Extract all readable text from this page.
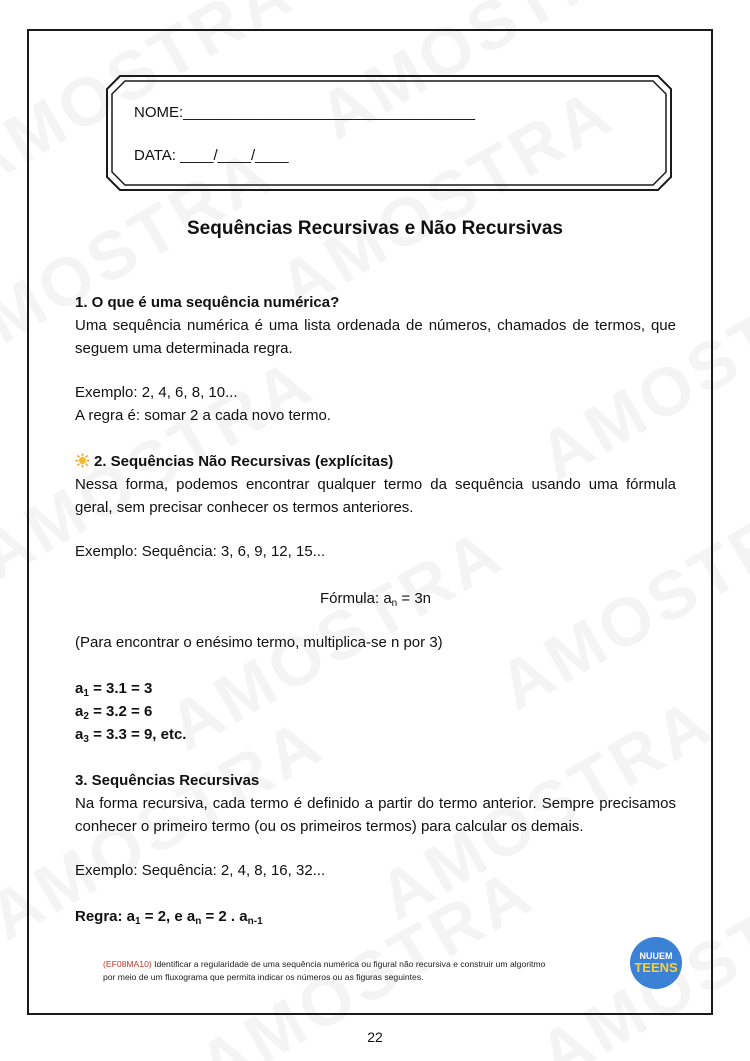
NOME:___________________________________
DATA: ____/____/____
Sequências Recursivas e Não Recursivas
1. O que é uma sequência numérica?
Uma sequência numérica é uma lista ordenada de números, chamados de termos, que
seguem uma determinada regra.
Exemplo: 2, 4, 6, 8, 10...
A regra é: somar 2 a cada novo termo.
2. Sequências Não Recursivas (explícitas)
Nessa forma, podemos encontrar qualquer termo da sequência usando uma fórmula
geral, sem precisar conhecer os termos anteriores.
Exemplo: Sequência: 3, 6, 9, 12, 15...
Fórmula: $a_n = 3n$
(Para encontrar o enésimo termo, multiplica-se n por 3)
$a_1 = 3.1 = 3$
$a_2 = 3.2 = 6$
$a_3 = 3.3 = 9$, etc.
3. Sequências Recursivas
Na forma recursiva, cada termo é definido a partir do termo anterior. Sempre precisamos
conhecer o primeiro termo (ou os primeiros termos) para calcular os demais.
Exemplo: Sequência: 2, 4, 8, 16, 32...
Regra: $a_1 = 2$, e $a_n = 2$ . $a_{n-1}$
(EF08MA10) Identificar a regularidade de uma sequência numérica ou figural não recursiva e construir um algoritmo
por meio de um fluxograma que permita indicar os números ou as figuras seguintes.
NUUEM
TEENS
22
